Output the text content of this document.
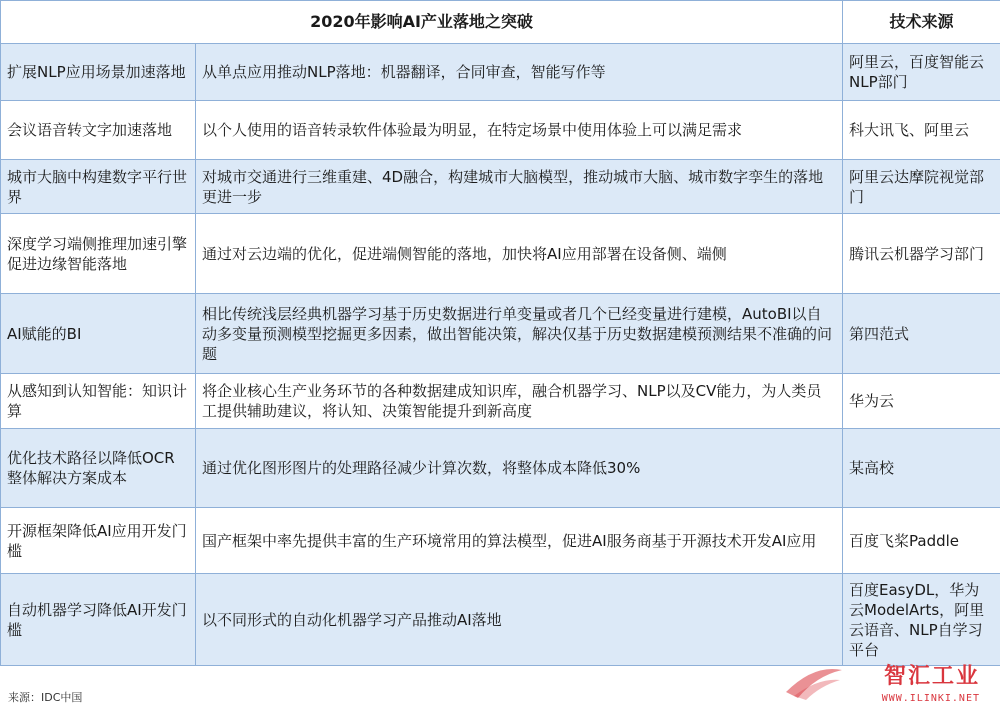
2020年影响AI产业落地之突破		技术来源
扩展NLP应用场景加速落地	从单点应用推动NLP落地：机器翻译，合同审查，智能写作等	阿里云，百度智能云NLP部门
会议语音转文字加速落地	以个人使用的语音转录软件体验最为明显，在特定场景中使用体验上可以满足需求	科大讯飞、阿里云
城市大脑中构建数字平行世界	对城市交通进行三维重建、4D融合，构建城市大脑模型，推动城市大脑、城市数字孪生的落地更进一步	阿里云达摩院视觉部门
深度学习端侧推理加速引擎促进边缘智能落地	通过对云边端的优化，促进端侧智能的落地，加快将AI应用部署在设备侧、端侧	腾讯云机器学习部门
AI赋能的BI	相比传统浅层经典机器学习基于历史数据进行单变量或者几个已经变量进行建模，AutoBI以自动多变量预测模型挖掘更多因素，做出智能决策，解决仅基于历史数据建模预测结果不准确的问题	第四范式
从感知到认知智能：知识计算	将企业核心生产业务环节的各种数据建成知识库，融合机器学习、NLP以及CV能力，为人类员工提供辅助建议，将认知、决策智能提升到新高度	华为云
优化技术路径以降低OCR整体解决方案成本	通过优化图形图片的处理路径减少计算次数，将整体成本降低30%	某高校
开源框架降低AI应用开发门槛	国产框架中率先提供丰富的生产环境常用的算法模型，促进AI服务商基于开源技术开发AI应用	百度飞桨Paddle
自动机器学习降低AI开发门槛	以不同形式的自动化机器学习产品推动AI落地	百度EasyDL，华为云ModelArts，阿里云语音、NLP自学习平台
来源：IDC中国
智汇工业
WWW.ILINKI.NET
